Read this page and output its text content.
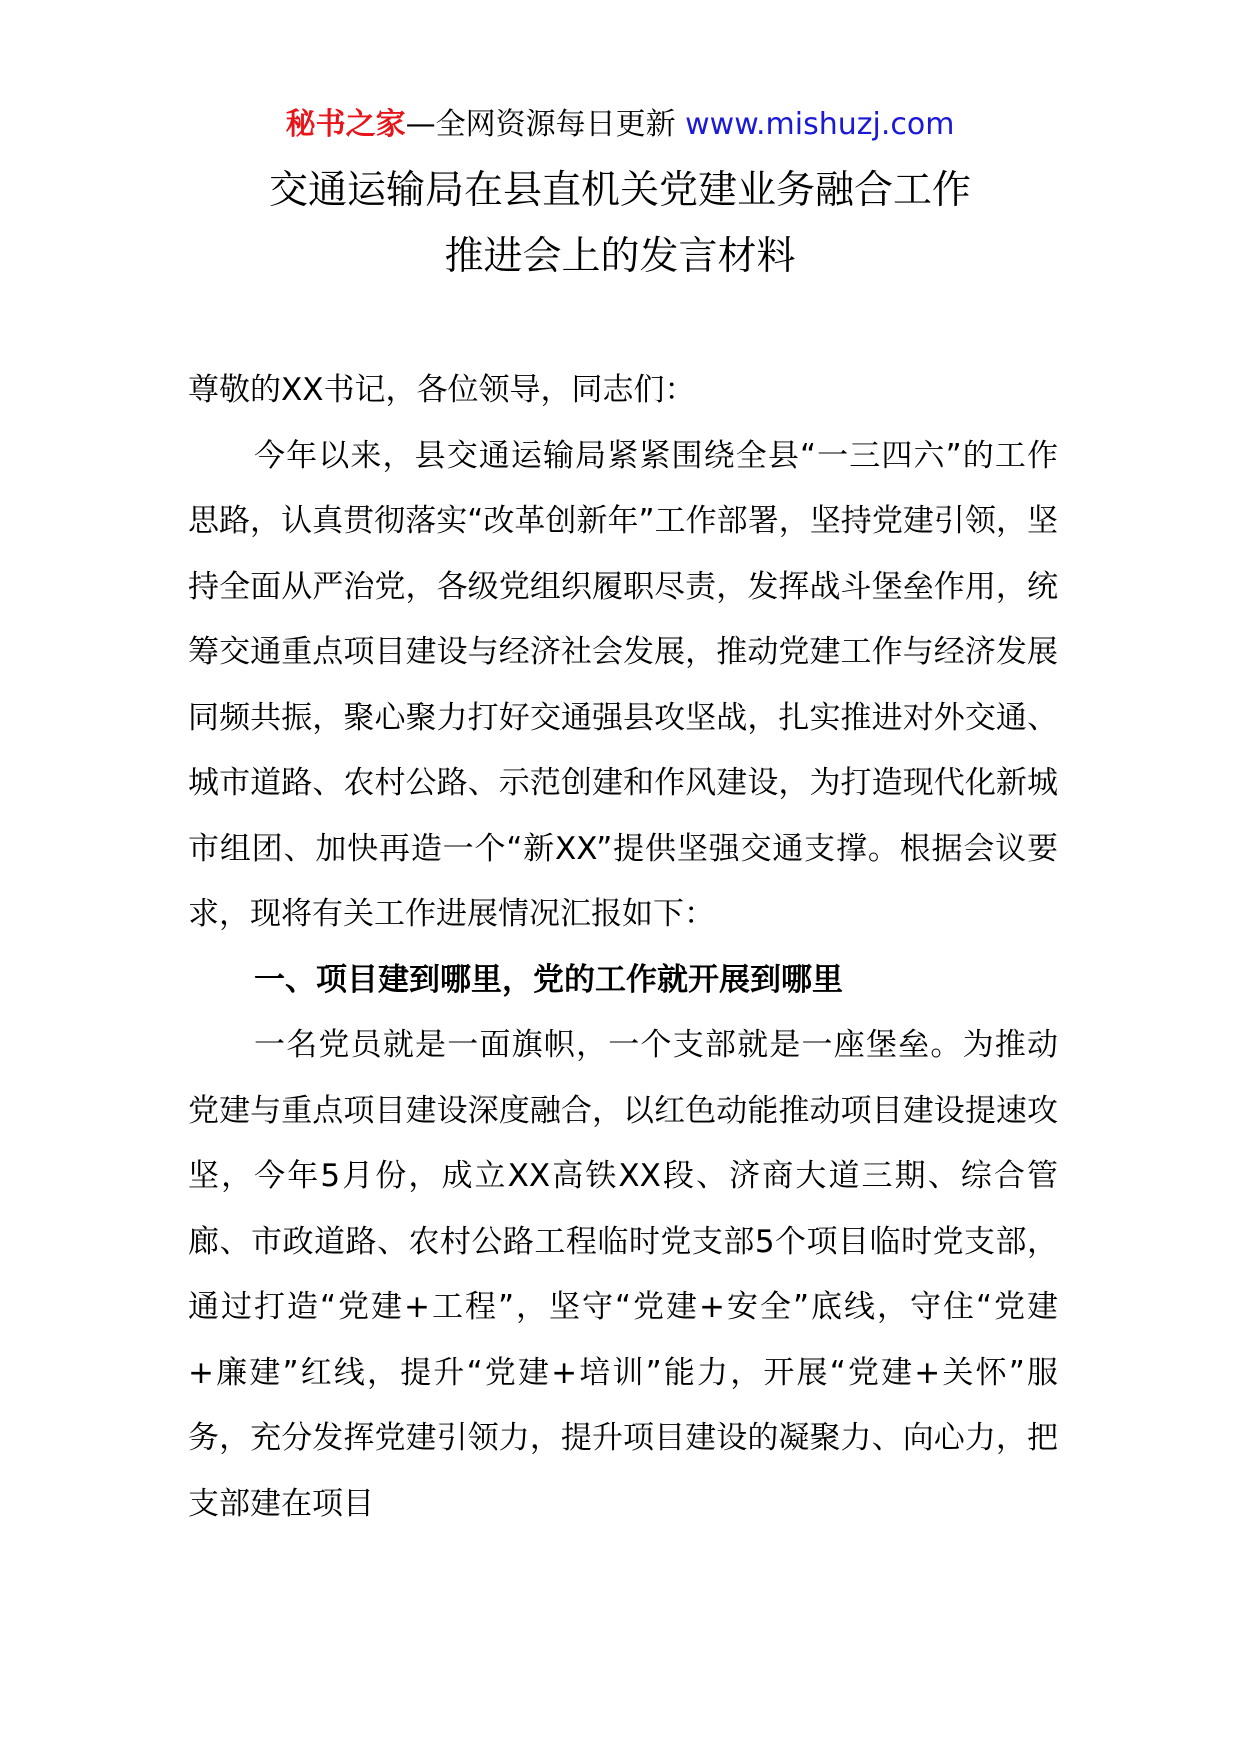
秘书之家—全网资源每日更新 www.mishuzj.com
交通运输局在县直机关党建业务融合工作
推进会上的发言材料

尊敬的XX书记，各位领导，同志们：

今年以来，县交通运输局紧紧围绕全县“一三四六”的工作思路，认真贯彻落实“改革创新年”工作部署，坚持党建引领，坚持全面从严治党，各级党组织履职尽责，发挥战斗堡垒作用，统筹交通重点项目建设与经济社会发展，推动党建工作与经济发展同频共振，聚心聚力打好交通强县攻坚战，扎实推进对外交通、城市道路、农村公路、示范创建和作风建设，为打造现代化新城市组团、加快再造一个“新XX”提供坚强交通支撑。根据会议要求，现将有关工作进展情况汇报如下：

一、项目建到哪里，党的工作就开展到哪里

一名党员就是一面旗帜，一个支部就是一座堡垒。为推动党建与重点项目建设深度融合，以红色动能推动项目建设提速攻坚，今年5月份，成立XX高铁XX段、济商大道三期、综合管廊、市政道路、农村公路工程临时党支部5个项目临时党支部，通过打造“党建+工程”，坚守“党建+安全”底线，守住“党建+廉建”红线，提升“党建+培训”能力，开展“党建+关怀”服务，充分发挥党建引领力，提升项目建设的凝聚力、向心力，把支部建在项目
